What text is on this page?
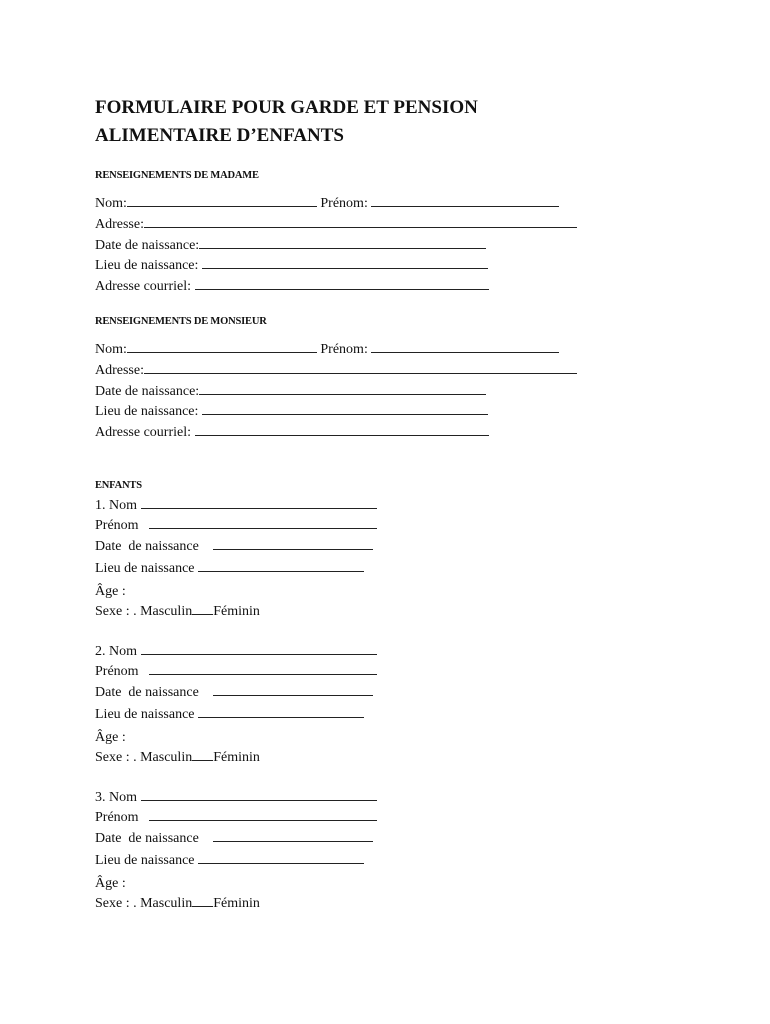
FORMULAIRE POUR GARDE ET PENSION

ALIMENTAIRE D’ENFANTS

RENSEIGNEMENTS DE MADAME

Nom:	Prénom:
Adresse:
Date de naissance:
Lieu de naissance:
Adresse courriel:

RENSEIGNEMENTS DE MONSIEUR

Nom:	Prénom:
Adresse:
Date de naissance:
Lieu de naissance:
Adresse courriel:

ENFANTS

1. Nom
Prénom
Date  de naissance
Lieu de naissance
Âge :
Sexe : . Masculin Féminin
2. Nom
Prénom
Date  de naissance
Lieu de naissance
Âge :
Sexe : . Masculin Féminin
3. Nom
Prénom
Date  de naissance
Lieu de naissance
Âge :
Sexe : . Masculin Féminin
